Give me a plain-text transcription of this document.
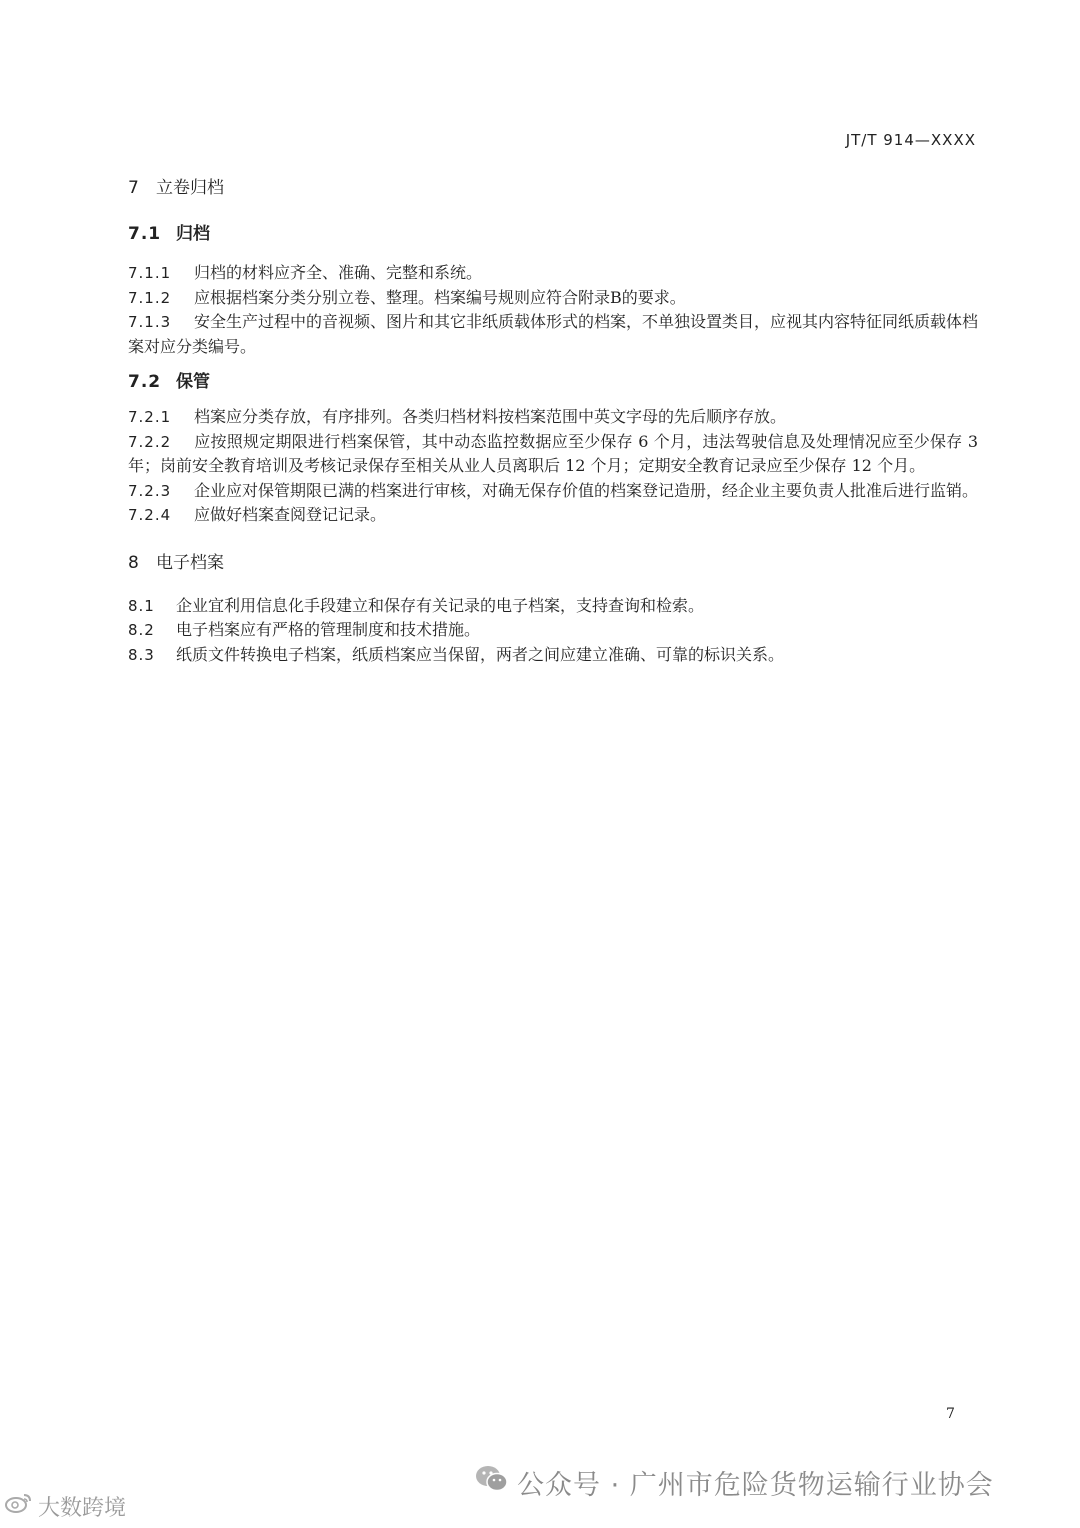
JT/T 914—XXXX
7 立卷归档
7.1 归档

7.1.1 归档的材料应齐全、准确、完整和系统。

7.1.2 应根据档案分类分别立卷、整理。档案编号规则应符合附录B的要求。

7.1.3 安全生产过程中的音视频、图片和其它非纸质载体形式的档案，不单独设置类目，应视其内容特征同纸质载体档案对应分类编号。

7.2 保管

7.2.1 档案应分类存放，有序排列。各类归档材料按档案范围中英文字母的先后顺序存放。

7.2.2 应按照规定期限进行档案保管，其中动态监控数据应至少保存 6 个月，违法驾驶信息及处理情况应至少保存 3 年；岗前安全教育培训及考核记录保存至相关从业人员离职后 12 个月；定期安全教育记录应至少保存 12 个月。

7.2.3 企业应对保管期限已满的档案进行审核，对确无保存价值的档案登记造册，经企业主要负责人批准后进行监销。

7.2.4 应做好档案查阅登记记录。

8 电子档案

8.1 企业宜利用信息化手段建立和保存有关记录的电子档案，支持查询和检索。

8.2 电子档案应有严格的管理制度和技术措施。

8.3 纸质文件转换电子档案，纸质档案应当保留，两者之间应建立准确、可靠的标识关系。

7
公众号 · 广州市危险货物运输行业协会
大数跨境
